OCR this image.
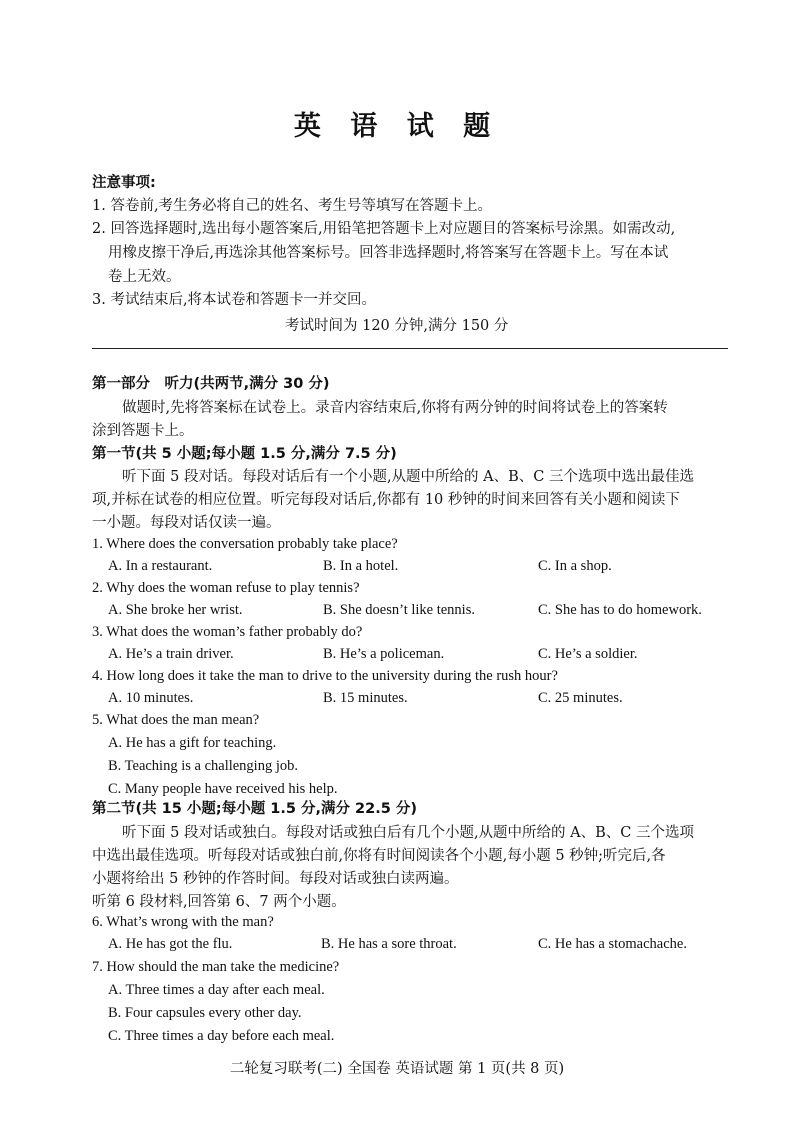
英 语 试 题
注意事项:
1. 答卷前,考生务必将自己的姓名、考生号等填写在答题卡上。
2. 回答选择题时,选出每小题答案后,用铅笔把答题卡上对应题目的答案标号涂黑。如需改动,
用橡皮擦干净后,再选涂其他答案标号。回答非选择题时,将答案写在答题卡上。写在本试
卷上无效。
3. 考试结束后,将本试卷和答题卡一并交回。
考试时间为 120 分钟,满分 150 分
第一部分　听力(共两节,满分 30 分)
做题时,先将答案标在试卷上。录音内容结束后,你将有两分钟的时间将试卷上的答案转
涂到答题卡上。
第一节(共 5 小题;每小题 1.5 分,满分 7.5 分)
听下面 5 段对话。每段对话后有一个小题,从题中所给的 A、B、C 三个选项中选出最佳选
项,并标在试卷的相应位置。听完每段对话后,你都有 10 秒钟的时间来回答有关小题和阅读下
一小题。每段对话仅读一遍。
1. Where does the conversation probably take place?
A. In a restaurant.	B. In a hotel.	C. In a shop.
2. Why does the woman refuse to play tennis?
A. She broke her wrist.	B. She doesn’t like tennis.	C. She has to do homework.
3. What does the woman’s father probably do?
A. He’s a train driver.	B. He’s a policeman.	C. He’s a soldier.
4. How long does it take the man to drive to the university during the rush hour?
A. 10 minutes.	B. 15 minutes.	C. 25 minutes.
5. What does the man mean?
A. He has a gift for teaching.
B. Teaching is a challenging job.
C. Many people have received his help.
第二节(共 15 小题;每小题 1.5 分,满分 22.5 分)
听下面 5 段对话或独白。每段对话或独白后有几个小题,从题中所给的 A、B、C 三个选项
中选出最佳选项。听每段对话或独白前,你将有时间阅读各个小题,每小题 5 秒钟;听完后,各
小题将给出 5 秒钟的作答时间。每段对话或独白读两遍。
听第 6 段材料,回答第 6、7 两个小题。
6. What’s wrong with the man?
A. He has got the flu.	B. He has a sore throat.	C. He has a stomachache.
7. How should the man take the medicine?
A. Three times a day after each meal.
B. Four capsules every other day.
C. Three times a day before each meal.
二轮复习联考(二) 全国卷 英语试题 第 1 页(共 8 页)
